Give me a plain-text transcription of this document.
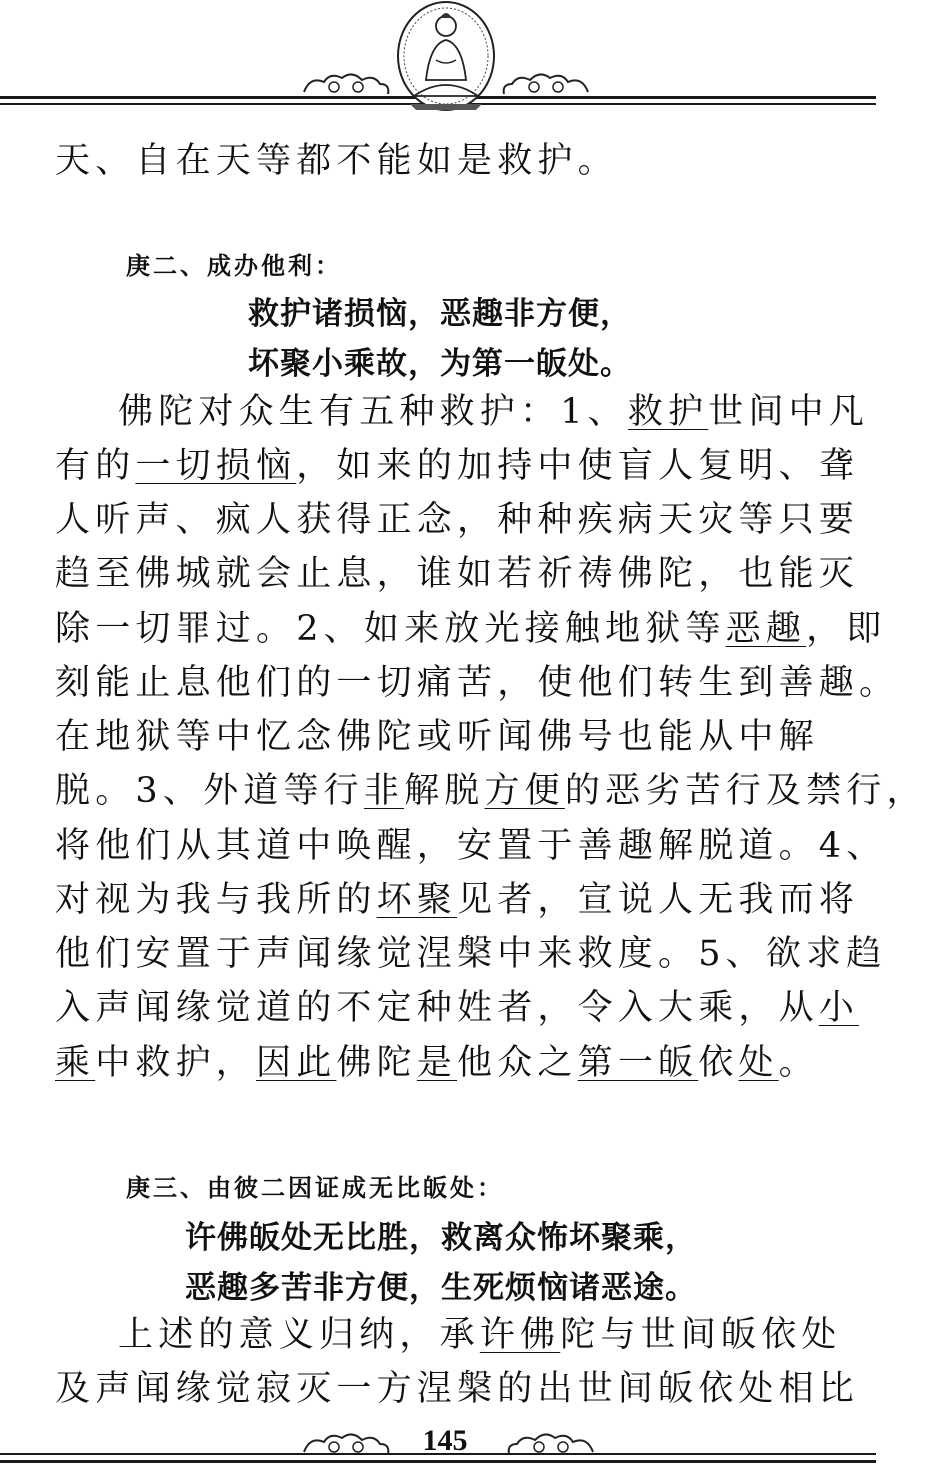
天、自在天等都不能如是救护。
庚二、成办他利：
救护诸损恼，恶趣非方便，
坏聚小乘故，为第一皈处。
佛陀对众生有五种救护：1、救护世间中凡
有的一切损恼，如来的加持中使盲人复明、聋
人听声、疯人获得正念，种种疾病天灾等只要
趋至佛城就会止息，谁如若祈祷佛陀，也能灭
除一切罪过。2、如来放光接触地狱等恶趣，即
刻能止息他们的一切痛苦，使他们转生到善趣。
在地狱等中忆念佛陀或听闻佛号也能从中解
脱。3、外道等行非解脱方便的恶劣苦行及禁行，
将他们从其道中唤醒，安置于善趣解脱道。4、
对视为我与我所的坏聚见者，宣说人无我而将
他们安置于声闻缘觉涅槃中来救度。5、欲求趋
入声闻缘觉道的不定种姓者，令入大乘，从小
乘中救护，因此佛陀是他众之第一皈依处。
庚三、由彼二因证成无比皈处：
许佛皈处无比胜，救离众怖坏聚乘，
恶趣多苦非方便，生死烦恼诸恶途。
上述的意义归纳，承许佛陀与世间皈依处
及声闻缘觉寂灭一方涅槃的出世间皈依处相比
145
